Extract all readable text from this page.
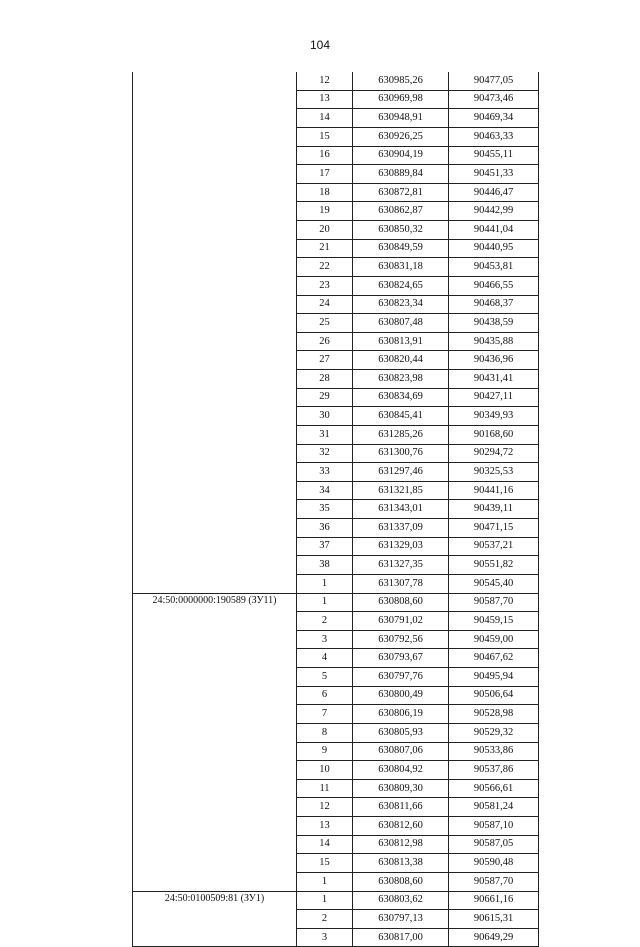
104
	12	630985,26	90477,05
	13	630969,98	90473,46
	14	630948,91	90469,34
	15	630926,25	90463,33
	16	630904,19	90455,11
	17	630889,84	90451,33
	18	630872,81	90446,47
	19	630862,87	90442,99
	20	630850,32	90441,04
	21	630849,59	90440,95
	22	630831,18	90453,81
	23	630824,65	90466,55
	24	630823,34	90468,37
	25	630807,48	90438,59
	26	630813,91	90435,88
	27	630820,44	90436,96
	28	630823,98	90431,41
	29	630834,69	90427,11
	30	630845,41	90349,93
	31	631285,26	90168,60
	32	631300,76	90294,72
	33	631297,46	90325,53
	34	631321,85	90441,16
	35	631343,01	90439,11
	36	631337,09	90471,15
	37	631329,03	90537,21
	38	631327,35	90551,82
	1	631307,78	90545,40
24:50:0000000:190589 (ЗУ11)	1	630808,60	90587,70
	2	630791,02	90459,15
	3	630792,56	90459,00
	4	630793,67	90467,62
	5	630797,76	90495,94
	6	630800,49	90506,64
	7	630806,19	90528,98
	8	630805,93	90529,32
	9	630807,06	90533,86
	10	630804,92	90537,86
	11	630809,30	90566,61
	12	630811,66	90581,24
	13	630812,60	90587,10
	14	630812,98	90587,05
	15	630813,38	90590,48
	1	630808,60	90587,70
24:50:0100509:81 (ЗУ1)	1	630803,62	90661,16
	2	630797,13	90615,31
	3	630817,00	90649,29
